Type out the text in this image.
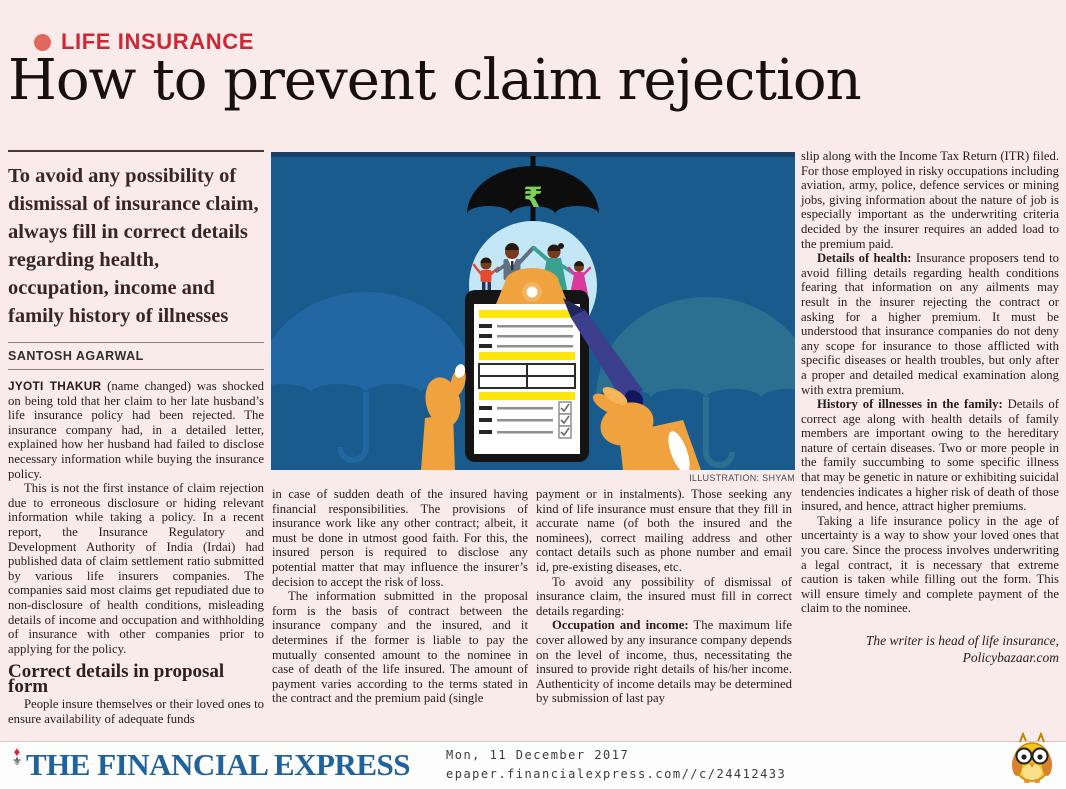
LIFE INSURANCE
How to prevent claim rejection
To avoid any possibility of dismissal of insurance claim, always fill in correct details regarding health, occupation, income and family history of illnesses
SANTOSH AGARWAL

JYOTI THAKUR (name changed) was shocked on being told that her claim to her late husband’s life insurance policy had been rejected. The insurance company had, in a detailed letter, explained how her husband had failed to disclose necessary information while buying the insurance policy.

This is not the first instance of claim rejection due to erroneous disclosure or hiding relevant information while taking a policy. In a recent report, the Insurance Regulatory and Development Authority of India (Irdai) had published data of claim settlement ratio submitted by various life insurers companies. The companies said most claims get repudiated due to non-disclosure of health conditions, misleading details of income and occupation and withholding of insurance with other companies prior to applying for the policy.

Correct details in proposal form

People insure themselves or their loved ones to ensure availability of adequate funds

₹
ILLUSTRATION: SHYAM

in case of sudden death of the insured having financial responsibilities. The provisions of insurance work like any other contract; albeit, it must be done in utmost good faith. For this, the insured person is required to disclose any potential matter that may influence the insurer’s decision to accept the risk of loss.

The information submitted in the proposal form is the basis of contract between the insurance company and the insured, and it determines if the former is liable to pay the mutually consented amount to the nominee in case of death of the life insured. The amount of payment varies according to the terms stated in the contract and the premium paid (single

payment or in instalments). Those seeking any kind of life insurance must ensure that they fill in accurate name (of both the insured and the nominees), correct mailing address and other contact details such as phone number and email id, pre-existing diseases, etc.

To avoid any possibility of dismissal of insurance claim, the insured must fill in correct details regarding:

Occupation and income: The maximum life cover allowed by any insurance company depends on the level of income, thus, necessitating the insured to provide right details of his/her income. Authenticity of income details may be determined by submission of last pay

slip along with the Income Tax Return (ITR) filed. For those employed in risky occupations including aviation, army, police, defence services or mining jobs, giving information about the nature of job is especially important as the underwriting criteria decided by the insurer requires an added load to the premium paid.

Details of health: Insurance proposers tend to avoid filling details regarding health conditions fearing that information on any ailments may result in the insurer rejecting the contract or asking for a higher premium. It must be understood that insurance companies do not deny any scope for insurance to those afflicted with specific diseases or health troubles, but only after a proper and detailed medical examination along with extra premium.

History of illnesses in the family: Details of correct age along with health details of family members are important owing to the hereditary nature of certain diseases. Two or more people in the family succumbing to some specific illness that may be genetic in nature or exhibiting suicidal tendencies indicates a higher risk of death of those insured, and hence, attract higher premiums.

Taking a life insurance policy in the age of uncertainty is a way to show your loved ones that you care. Since the process involves underwriting a legal contract, it is necessary that extreme caution is taken while filling out the form. This will ensure timely and complete payment of the claim to the nominee.

The writer is head of life insurance,
Policybazaar.com
♦
⚜ THE FINANCIAL EXPRESS	Mon, 11 December 2017
epaper.financialexpress.com//c/24412433
